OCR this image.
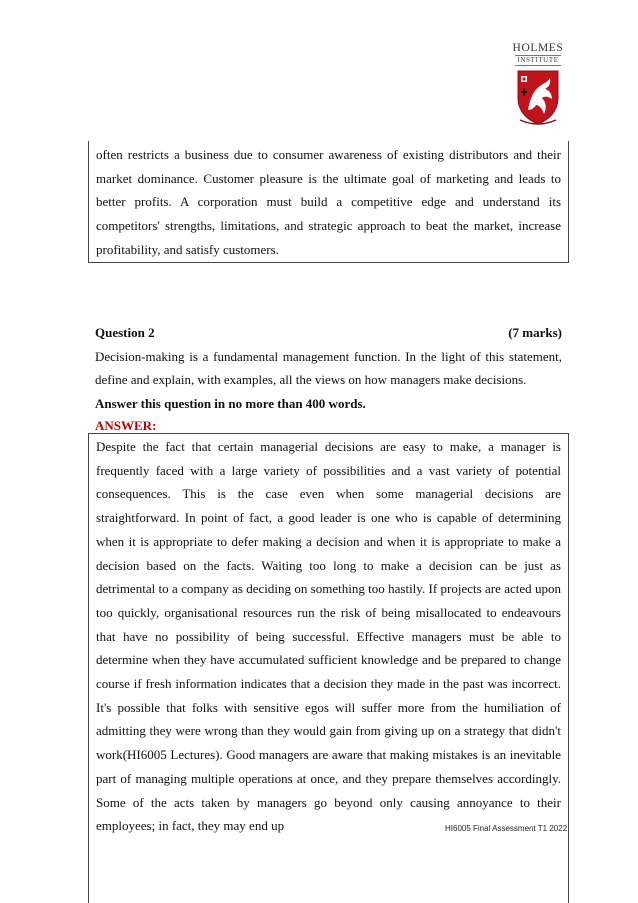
HOLMES
INSTITUTE

often restricts a business due to consumer awareness of existing distributors and their market dominance. Customer pleasure is the ultimate goal of marketing and leads to better profits. A corporation must build a competitive edge and understand its competitors' strengths, limitations, and strategic approach to beat the market, increase profitability, and satisfy customers.

Question 2	(7 marks)

Decision-making is a fundamental management function. In the light of this statement, define and explain, with examples, all the views on how managers make decisions.

Answer this question in no more than 400 words.
ANSWER:

Despite the fact that certain managerial decisions are easy to make, a manager is frequently faced with a large variety of possibilities and a vast variety of potential consequences. This is the case even when some managerial decisions are straightforward. In point of fact, a good leader is one who is capable of determining when it is appropriate to defer making a decision and when it is appropriate to make a decision based on the facts. Waiting too long to make a decision can be just as detrimental to a company as deciding on something too hastily. If projects are acted upon too quickly, organisational resources run the risk of being misallocated to endeavours that have no possibility of being successful. Effective managers must be able to determine when they have accumulated sufficient knowledge and be prepared to change course if fresh information indicates that a decision they made in the past was incorrect. It's possible that folks with sensitive egos will suffer more from the humiliation of admitting they were wrong than they would gain from giving up on a strategy that didn't work(HI6005 Lectures). Good managers are aware that making mistakes is an inevitable part of managing multiple operations at once, and they prepare themselves accordingly. Some of the acts taken by managers go beyond only causing annoyance to their employees; in fact, they may end up	HI6005 Final Assessment T1 2022
